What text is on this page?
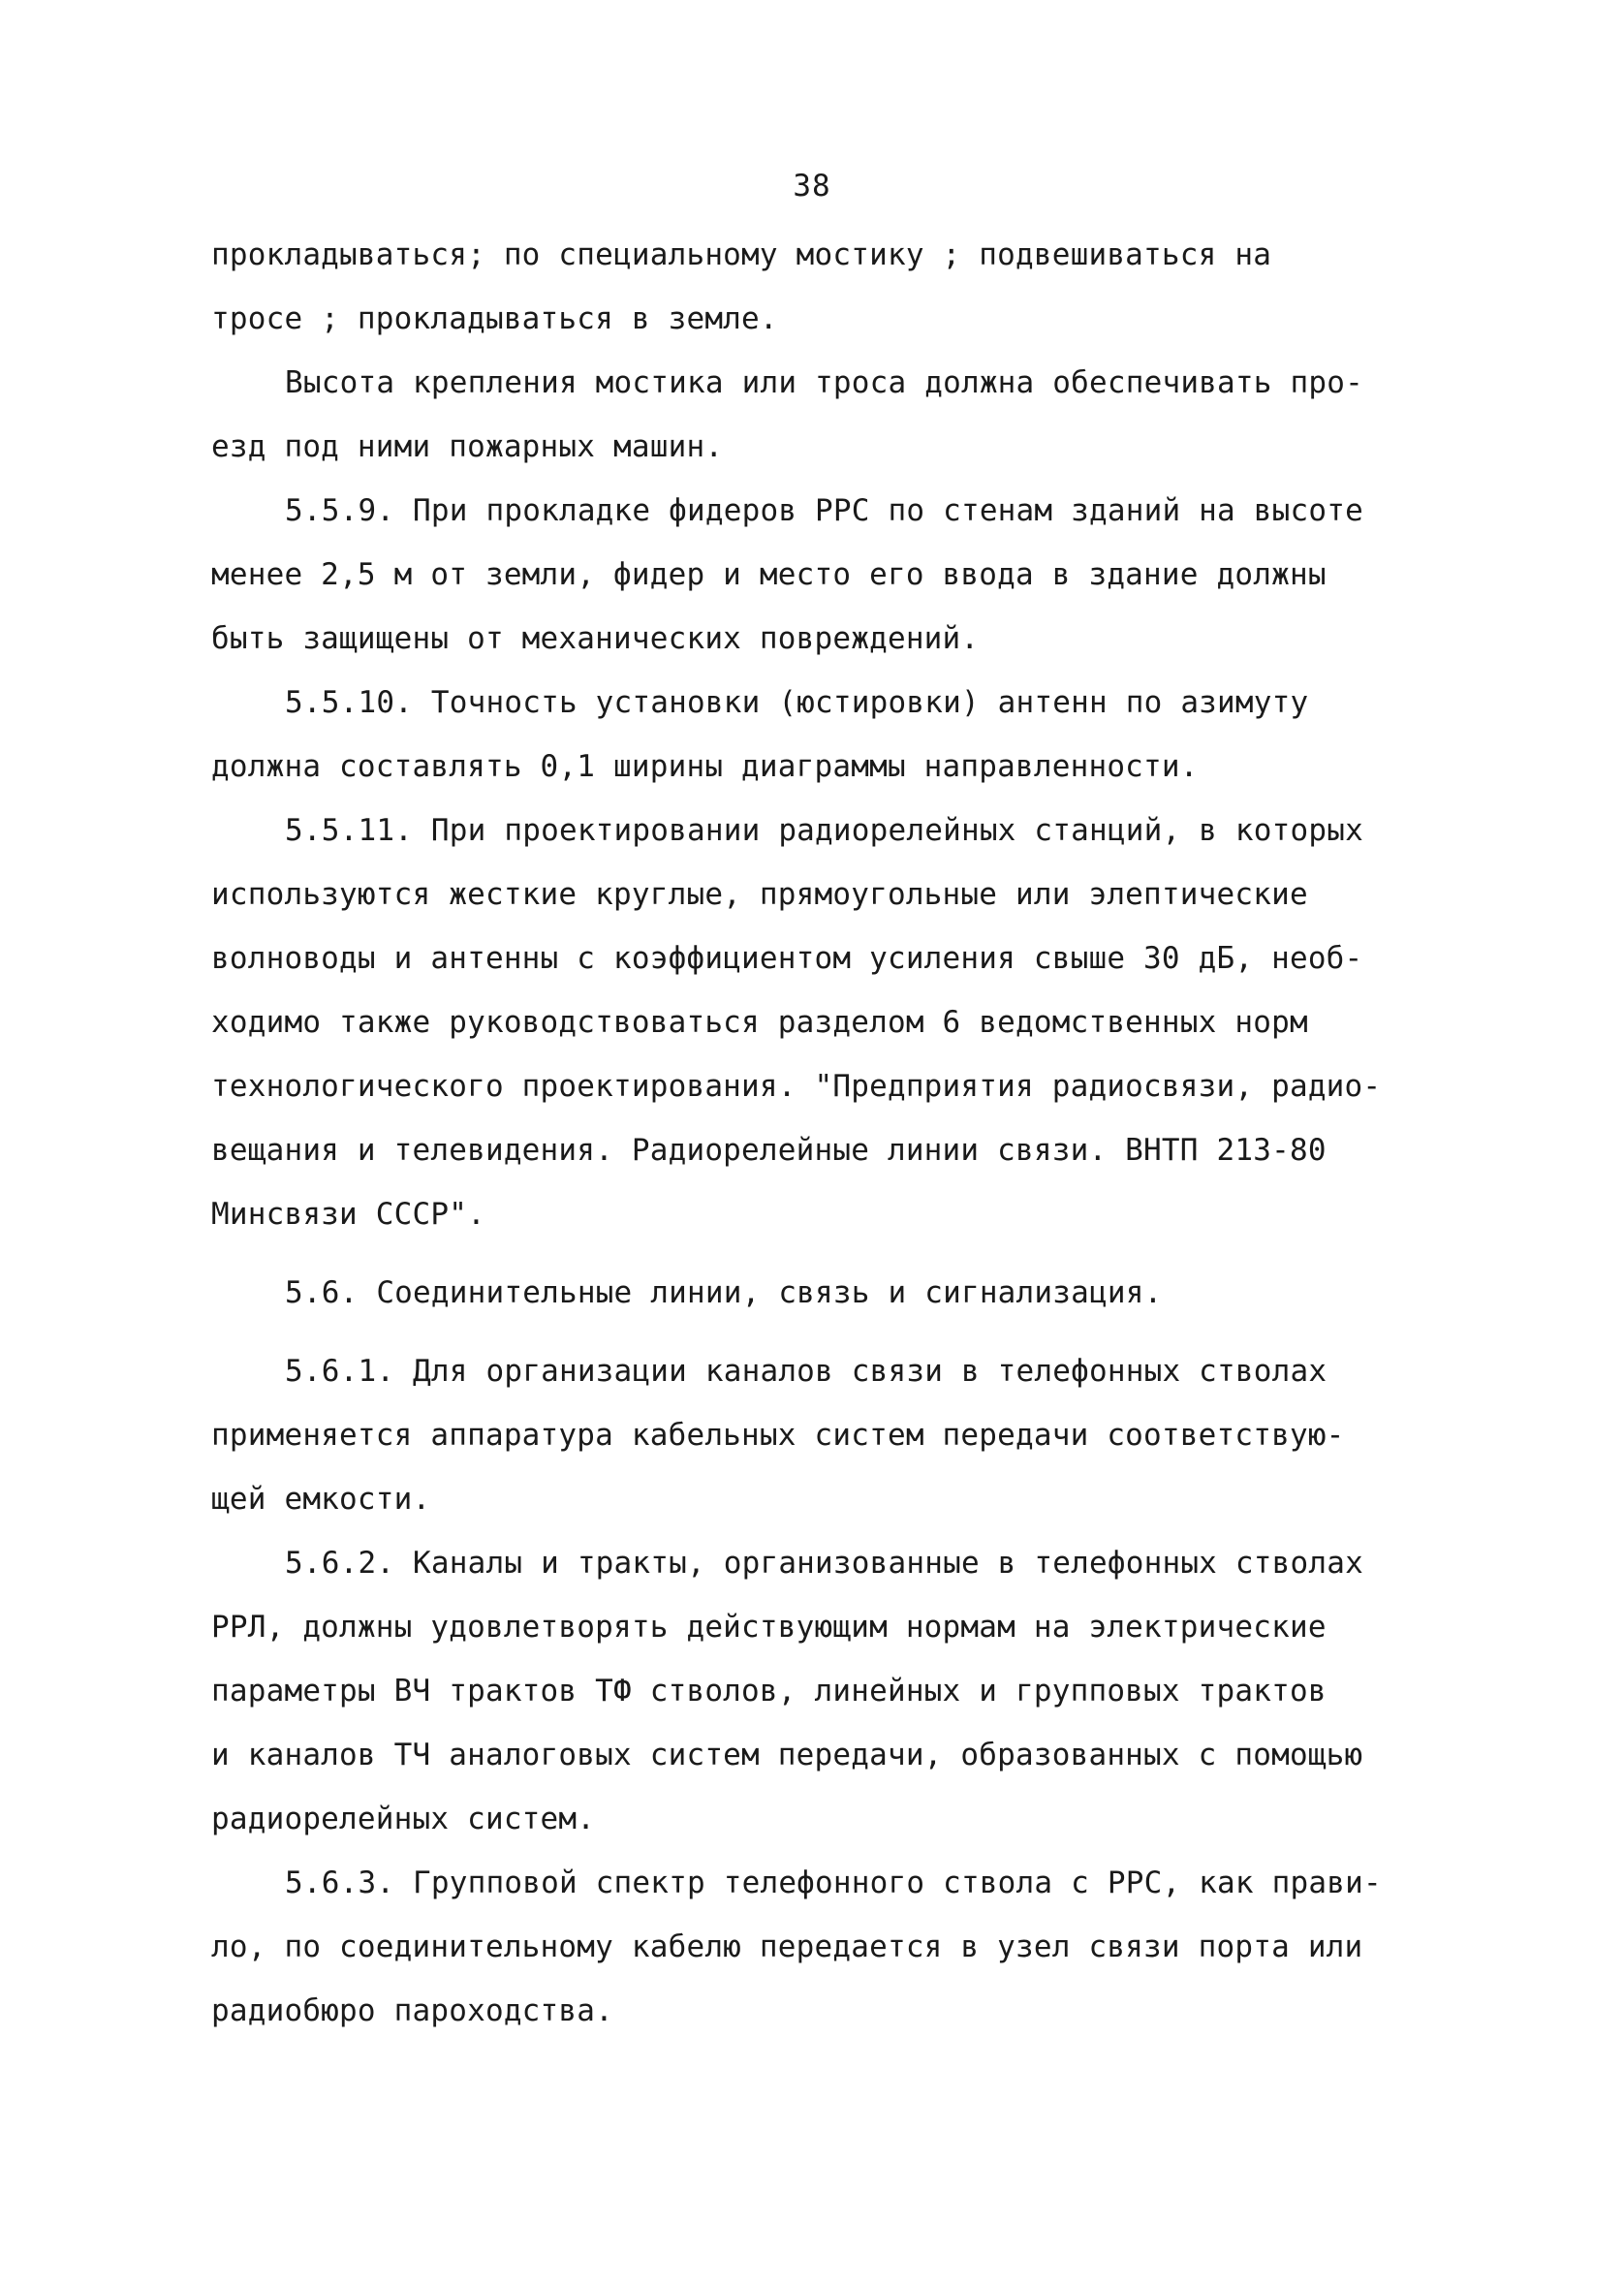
38
прокладываться; по специальному мостику ; подвешиваться на
тросе ; прокладываться в земле.
Высота крепления мостика или троса должна обеспечивать про-
езд под ними пожарных машин.
5.5.9. При прокладке фидеров РРС по стенам зданий на высоте
менее 2,5 м от земли, фидер и место его ввода в здание должны
быть защищены от механических повреждений.
5.5.10. Точность установки (юстировки) антенн по азимуту
должна составлять 0,1 ширины диаграммы направленности.
5.5.11. При проектировании радиорелейных станций, в которых
используются жесткие круглые, прямоугольные или элептические
волноводы и антенны с коэффициентом усиления свыше 30 дБ, необ-
ходимо также руководствоваться разделом 6 ведомственных норм
технологического проектирования. "Предприятия радиосвязи, радио-
вещания и телевидения. Радиорелейные линии связи. ВНТП 213-80
Минсвязи СССР".
5.6. Соединительные линии, связь и сигнализация.
5.6.1. Для организации каналов связи в телефонных стволах
применяется аппаратура кабельных систем передачи соответствую-
щей емкости.
5.6.2. Каналы и тракты, организованные в телефонных стволах
РРЛ, должны удовлетворять действующим нормам на электрические
параметры ВЧ трактов ТФ стволов, линейных и групповых трактов
и каналов ТЧ аналоговых систем передачи, образованных с помощью
радиорелейных систем.
5.6.3. Групповой спектр телефонного ствола с РРС, как прави-
ло, по соединительному кабелю передается в узел связи порта или
радиобюро пароходства.
